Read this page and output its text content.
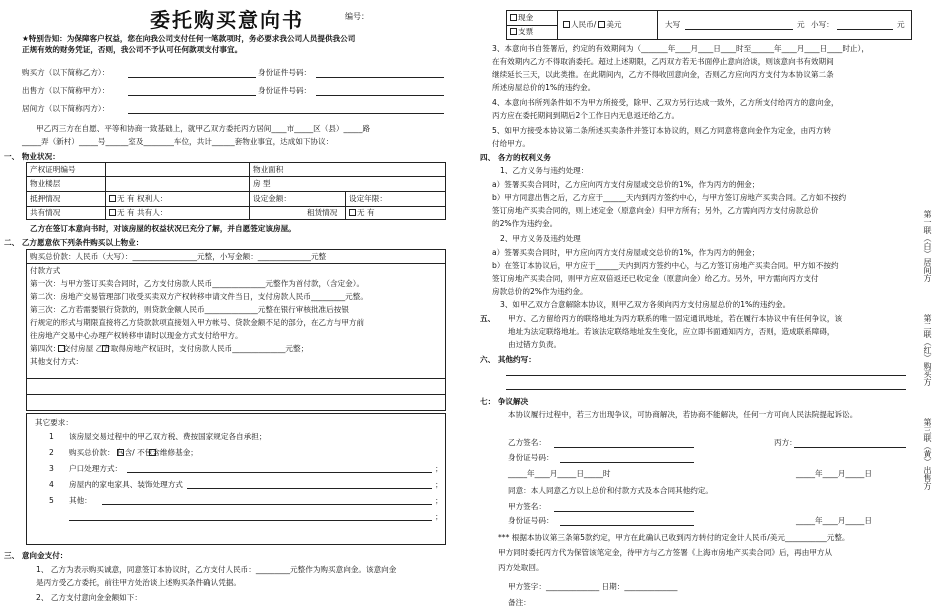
委托购买意向书	编号：
★特别告知：为保障客户权益，您在向我公司支付任何一笔款项时，务必要求我公司人员提供我公司
正规有效的财务凭证，否则，我公司不予认可任何款项支付事宜。
购买方（以下简称乙方）：	身份证件号码：
出售方（以下简称甲方）：	身份证件号码：
居间方（以下简称丙方）：
甲乙丙三方在自愿、平等和协商一致基础上，就甲乙双方委托丙方居间____市_____区（县）_____路
_____弄（新村）_____号______室及________车位，共计______套物业事宜，达成如下协议：
一、 物业状况：
产权证明编号	物业面积
物业楼层	房 型
抵押情况	无 有 权利人：	设定金额：	设定年限：
共有情况	无 有 共有人：	租赁情况	无 有
乙方在签订本意向书时，对该房屋的权益状况已充分了解，并自愿签定该房屋。
二、 乙方愿意依下列条件购买以上物业：
购买总价款：人民币（大写）：_________________元整，小写金额：______________元整
付款方式
第一次：与甲方签订买卖合同时，乙方支付房款人民币______________元整作为首付款，（含定金）。
第二次：房地产交易管理部门收受买卖双方产权转移申请文件当日，支付房款人民币_________元整。
第三次：乙方若需要银行贷款的，则贷款金额人民币______________元整在银行审核批准后按银
行规定的形式与期限直接将乙方贷款款项直接划入甲方帐号、贷款金额不足的部分，在乙方与甲方前
往房地产交易中心办理产权转移申请时以现金方式支付给甲方。
第四次： 交付房屋 乙方取得房地产权证时，支付房款人民币______________元整；
其他支付方式：
其它要求：
1 该房屋交易过程中的甲乙双方税、费按国家规定各自承担；
2 购买总价款： 包含/ 不包含维修基金；
3 户口处理方式：	；
4 房屋内的家电家具、装饰处理方式	；
5 其他：	；
；
三、 意向金支付：
1、 乙方为表示购买诚意，同意签订本协议时，乙方支付人民币：_________元整作为购买意向金。该意向金
是丙方受乙方委托，前往甲方处治谈上述购买条件确认凭据。
2、 乙方支付意向金金额如下：
现金
支票
人民币/ 美元	大写	元 小写：	元
3、本意向书自签署后，约定的有效期间为（_______年____月____日____时至______年____月____日____时止），
在有效期内乙方不得取消委托。超过上述期限，乙丙双方若无书面停止意向洽谈，则该意向书有效期间
继续延长三天，以此类推。在此期间内，乙方不得收回意向金，否则乙方应向丙方支付为本协议第二条
所述房屋总价的1%的违约金。
4、本意向书所列条件如不为甲方所接受，除甲、乙双方另行达成一致外，乙方所支付给丙方的意向金，
丙方应在委托期间到期后2个工作日内无息返还给乙方。
5、如甲方接受本协议第二条所述买卖条件并签订本协议的，则乙方同意将意向金作为定金，由丙方转
付给甲方。
四、 各方的权利义务
1、乙方义务与违约处理：
a）签署买卖合同时，乙方应向丙方支付房屋或交总价的1%，作为丙方的佣金；
b）甲方同意出售之后，乙方应于______天内到丙方签约中心，与甲方签订房地产买卖合同。乙方如不按约
签订房地产买卖合同的，则上述定金（原意向金）归甲方所有；另外，乙方需向丙方支付房款总价
的2%作为违约金。
2、甲方义务及违约处理
a）签署买卖合同时，甲方应向丙方支付房屋或交总价的1%，作为丙方的佣金；
b）在签订本协议后，甲方应于______天内到丙方签约中心，与乙方签订房地产买卖合同。甲方如不按约
签订房地产买卖合同，则甲方应双倍返还已收定金（原意向金）给乙方。另外，甲方需向丙方支付
房款总价的2%作为违约金。
3、如甲乙双方合意解除本协议，则甲乙双方各须向丙方支付房屋总价的1%的违约金。
五、 甲方、乙方留给丙方的联络地址为丙方联系的唯一固定通讯地址，若在履行本协议中有任何争议，该
地址为法定联络地址。若该法定联络地址发生变化，应立即书面通知丙方，否则，造成联系障碍，
由过错方负责。
六、 其他约写：
七： 争议解决
本协议履行过程中，若三方出现争议，可协商解决，若协商不能解决，任何一方可向人民法院提起诉讼。
乙方签名：	丙方：
身份证号码：
_____年____月_____日_____时	_____年____月_____日
同意：本人同意乙方以上总价和付款方式及本合同其他约定。
甲方签名：
身份证号码：	_____年____月_____日
*** 根据本协议第三条第5款约定，甲方在此确认已收到丙方转付的定金计人民币/美元___________元整。
甲方同时委托丙方代为保管该笔定金，待甲方与乙方签署《上海市房地产买卖合同》后，再由甲方从
丙方处取回。
甲方签字：______________ 日期：______________
备注：
第一联（白）居间方
第二联（红）购买方
第三联（黄）出售方
